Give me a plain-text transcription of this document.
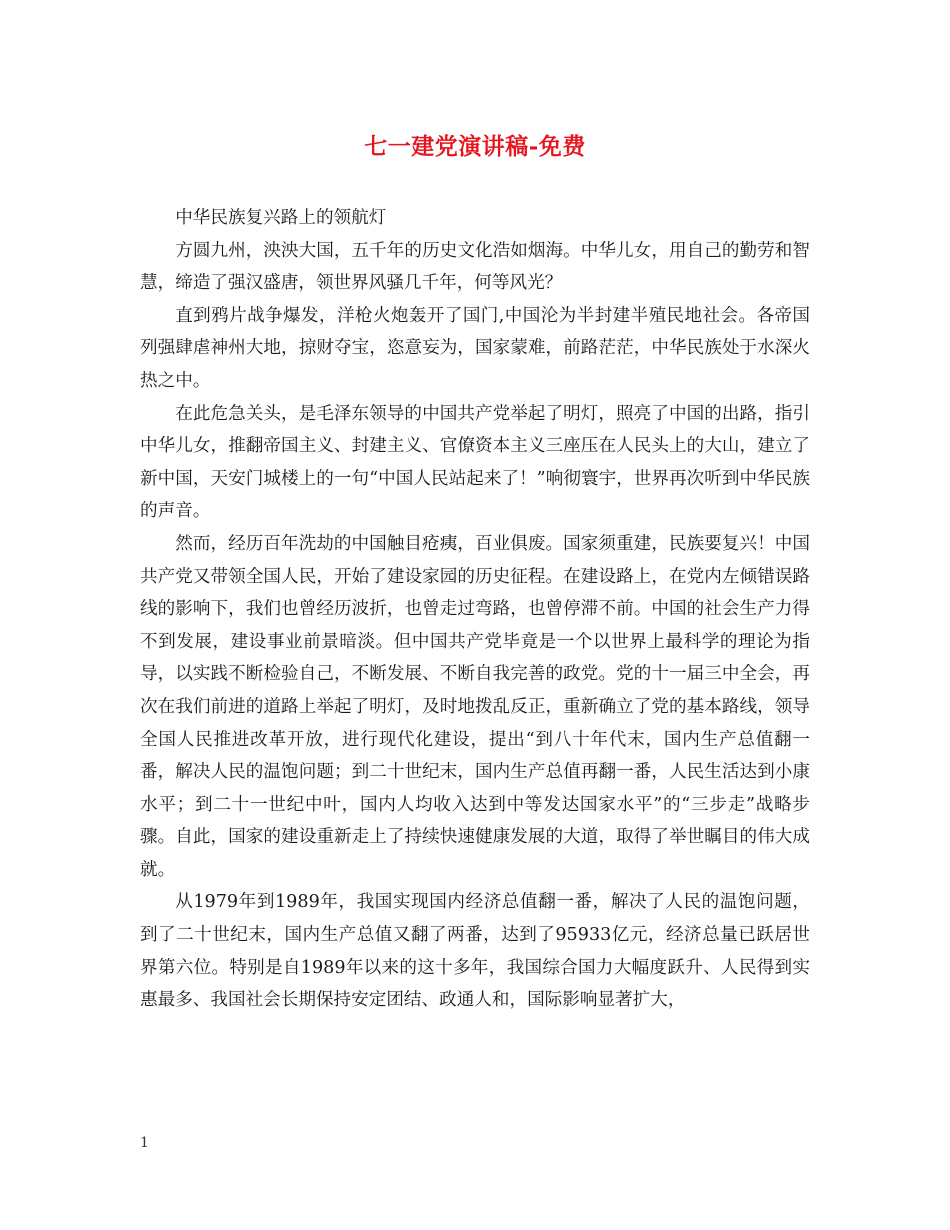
七一建党演讲稿-免费

中华民族复兴路上的领航灯

方圆九州，泱泱大国，五千年的历史文化浩如烟海。中华儿女，用自己的勤劳和智慧，缔造了强汉盛唐，领世界风骚几千年，何等风光？

直到鸦片战争爆发，洋枪火炮轰开了国门,中国沦为半封建半殖民地社会。各帝国列强肆虐神州大地，掠财夺宝，恣意妄为，国家蒙难，前路茫茫，中华民族处于水深火热之中。

在此危急关头，是毛泽东领导的中国共产党举起了明灯，照亮了中国的出路，指引中华儿女，推翻帝国主义、封建主义、官僚资本主义三座压在人民头上的大山，建立了新中国，天安门城楼上的一句“中国人民站起来了！”响彻寰宇，世界再次听到中华民族的声音。

然而，经历百年洗劫的中国触目疮痍，百业俱废。国家须重建，民族要复兴！中国共产党又带领全国人民，开始了建设家园的历史征程。在建设路上，在党内左倾错误路线的影响下，我们也曾经历波折，也曾走过弯路，也曾停滞不前。中国的社会生产力得不到发展，建设事业前景暗淡。但中国共产党毕竟是一个以世界上最科学的理论为指导，以实践不断检验自己，不断发展、不断自我完善的政党。党的十一届三中全会，再次在我们前进的道路上举起了明灯，及时地拨乱反正，重新确立了党的基本路线，领导全国人民推进改革开放，进行现代化建设，提出“到八十年代末，国内生产总值翻一番，解决人民的温饱问题；到二十世纪末，国内生产总值再翻一番，人民生活达到小康水平；到二十一世纪中叶，国内人均收入达到中等发达国家水平”的“三步走”战略步骤。自此，国家的建设重新走上了持续快速健康发展的大道，取得了举世瞩目的伟大成就。

从1979年到1989年，我国实现国内经济总值翻一番，解决了人民的温饱问题，到了二十世纪末，国内生产总值又翻了两番，达到了95933亿元，经济总量已跃居世界第六位。特别是自1989年以来的这十多年，我国综合国力大幅度跃升、人民得到实惠最多、我国社会长期保持安定团结、政通人和，国际影响显著扩大，

1
